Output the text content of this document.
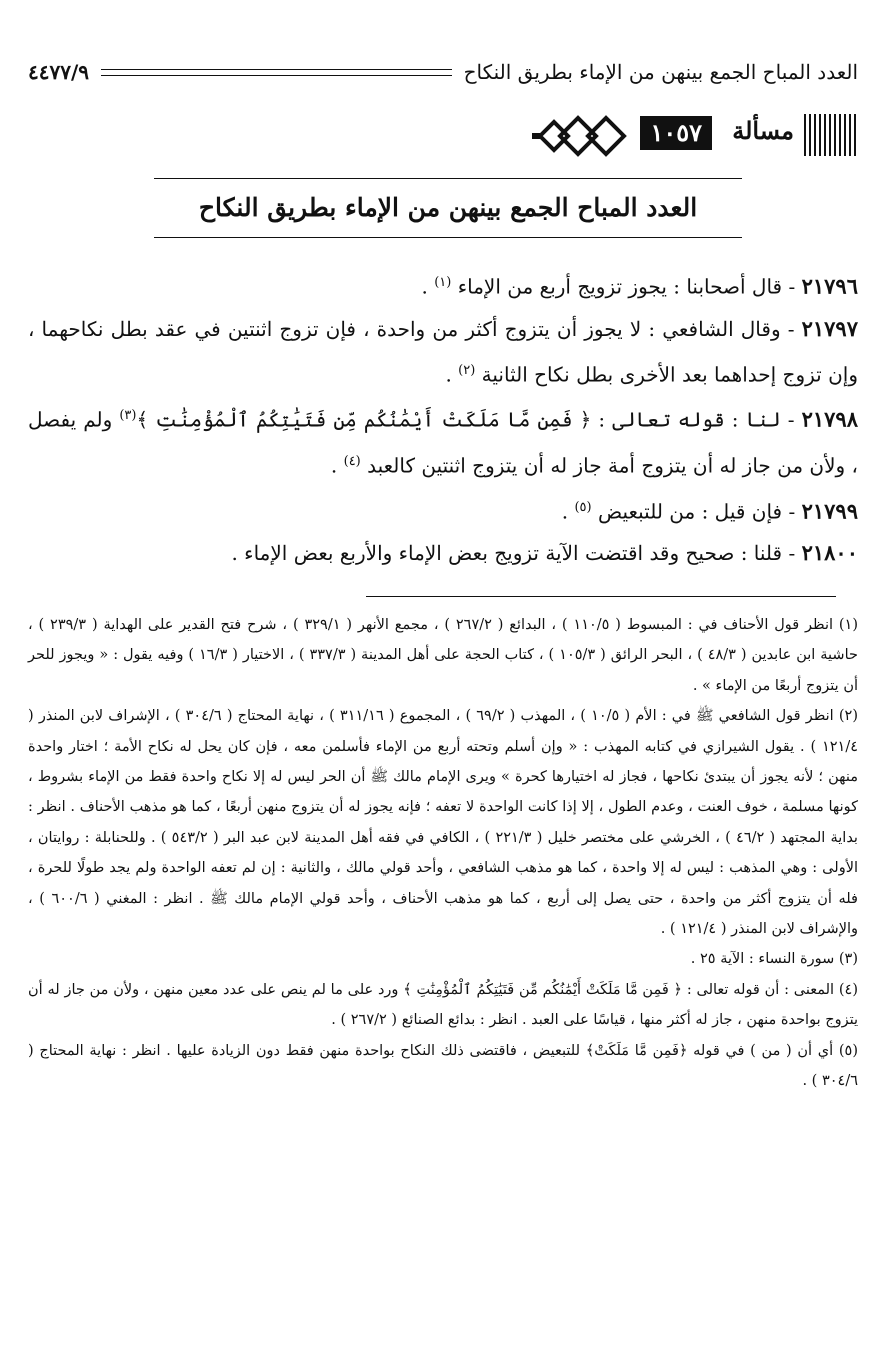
العدد المباح الجمع بينهن من الإماء بطريق النكاح
٤٤٧٧/٩
مسألة
١٠٥٧
العدد المباح الجمع بينهن من الإماء بطريق النكاح

٢١٧٩٦ - قال أصحابنا : يجوز تزويج أربع من الإماء $^{(١)}$ .

٢١٧٩٧ - وقال الشافعي : لا يجوز أن يتزوج أكثر من واحدة ، فإن تزوج اثنتين في عقد بطل نكاحهما ، وإن تزوج إحداهما بعد الأخرى بطل نكاح الثانية $^{(٢)}$ .

٢١٧٩٨ - لنا : قوله تعالى : ﴿ فَمِن مَّا مَلَكَتْ أَيْمَٰنُكُم مِّن فَتَيَٰتِكُمُ ٱلْمُؤْمِنَٰتِ ﴾$^{(٣)}$ ولم يفصل ، ولأن من جاز له أن يتزوج أمة جاز له أن يتزوج اثنتين كالعبد $^{(٤)}$ .

٢١٧٩٩ - فإن قيل : من للتبعيض $^{(٥)}$ .

٢١٨٠٠ - قلنا : صحيح وقد اقتضت الآية تزويج بعض الإماء والأربع بعض الإماء .

(١) انظر قول الأحناف في : المبسوط ( ١١٠/٥ ) ، البدائع ( ٢٦٧/٢ ) ، مجمع الأنهر ( ٣٢٩/١ ) ، شرح فتح القدير على الهداية ( ٢٣٩/٣ ) ، حاشية ابن عابدين ( ٤٨/٣ ) ، البحر الرائق ( ١٠٥/٣ ) ، كتاب الحجة على أهل المدينة ( ٣٣٧/٣ ) ، الاختيار ( ١٦/٣ ) وفيه يقول : « ويجوز للحر أن يتزوج أربعًا من الإماء » .

(٢) انظر قول الشافعي ﷺ في : الأم ( ١٠/٥ ) ، المهذب ( ٦٩/٢ ) ، المجموع ( ٣١١/١٦ ) ، نهاية المحتاج ( ٣٠٤/٦ ) ، الإشراف لابن المنذر ( ١٢١/٤ ) . يقول الشيرازي في كتابه المهذب : « وإن أسلم وتحته أربع من الإماء فأسلمن معه ، فإن كان يحل له نكاح الأمة ؛ اختار واحدة منهن ؛ لأنه يجوز أن يبتدئ نكاحها ، فجاز له اختيارها كحرة » ويرى الإمام مالك ﷺ أن الحر ليس له إلا نكاح واحدة فقط من الإماء بشروط ، كونها مسلمة ، خوف العنت ، وعدم الطول ، إلا إذا كانت الواحدة لا تعفه ؛ فإنه يجوز له أن يتزوج منهن أربعًا ، كما هو مذهب الأحناف . انظر : بداية المجتهد ( ٤٦/٢ ) ، الخرشي على مختصر خليل ( ٢٢١/٣ ) ، الكافي في فقه أهل المدينة لابن عبد البر ( ٥٤٣/٢ ) . وللحنابلة : روايتان ، الأولى : وهي المذهب : ليس له إلا واحدة ، كما هو مذهب الشافعي ، وأحد قولي مالك ، والثانية : إن لم تعفه الواحدة ولم يجد طولًا للحرة ، فله أن يتزوج أكثر من واحدة ، حتى يصل إلى أربع ، كما هو مذهب الأحناف ، وأحد قولي الإمام مالك ﷺ . انظر : المغني ( ٦٠٠/٦ ) ، والإشراف لابن المنذر ( ١٢١/٤ ) .

(٣) سورة النساء : الآية ٢٥ .

(٤) المعنى : أن قوله تعالى : ﴿ فَمِن مَّا مَلَكَتْ أَيْمَٰنُكُم مِّن فَتَيَٰتِكُمُ ٱلْمُؤْمِنَٰتِ ﴾ ورد على ما لم ينص على عدد معين منهن ، ولأن من جاز له أن يتزوج بواحدة منهن ، جاز له أكثر منها ، قياسًا على العبد . انظر : بدائع الصنائع ( ٢٦٧/٢ ) .

(٥) أي أن ( من ) في قوله ﴿فَمِن مَّا مَلَكَتْ﴾ للتبعيض ، فاقتضى ذلك النكاح بواحدة منهن فقط دون الزيادة عليها . انظر : نهاية المحتاج ( ٣٠٤/٦ ) .
